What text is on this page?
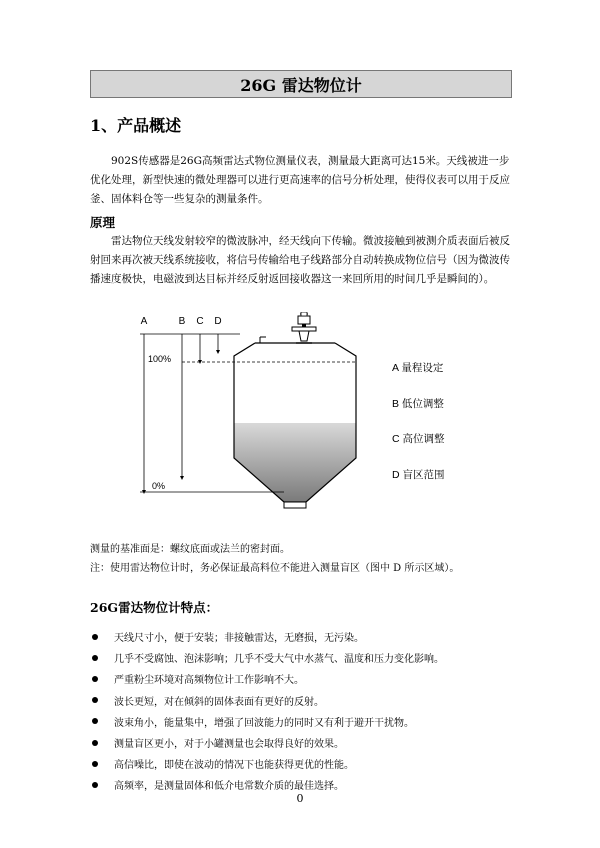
26G 雷达物位计
1、产品概述
902S传感器是26G高频雷达式物位测量仪表，测量最大距离可达15米。天线被进一步优化处理，新型快速的微处理器可以进行更高速率的信号分析处理，使得仪表可以用于反应釜、固体料仓等一些复杂的测量条件。
原理
雷达物位天线发射较窄的微波脉冲，经天线向下传输。微波接触到被测介质表面后被反射回来再次被天线系统接收，将信号传输给电子线路部分自动转换成物位信号（因为微波传播速度极快，电磁波到达目标并经反射返回接收器这一来回所用的时间几乎是瞬间的）。
A	B C D
100%
0%
A 量程设定
B 低位调整
C 高位调整
D 盲区范围
测量的基准面是：螺纹底面或法兰的密封面。
注：使用雷达物位计时，务必保证最高料位不能进入测量盲区（图中 D 所示区域）。
26G雷达物位计特点：
天线尺寸小，便于安装；非接触雷达，无磨损，无污染。
几乎不受腐蚀、泡沫影响；几乎不受大气中水蒸气、温度和压力变化影响。
严重粉尘环境对高频物位计工作影响不大。
波长更短，对在倾斜的固体表面有更好的反射。
波束角小，能量集中，增强了回波能力的同时又有利于避开干扰物。
测量盲区更小，对于小罐测量也会取得良好的效果。
高信噪比，即使在波动的情况下也能获得更优的性能。
高频率，是测量固体和低介电常数介质的最佳选择。
0
